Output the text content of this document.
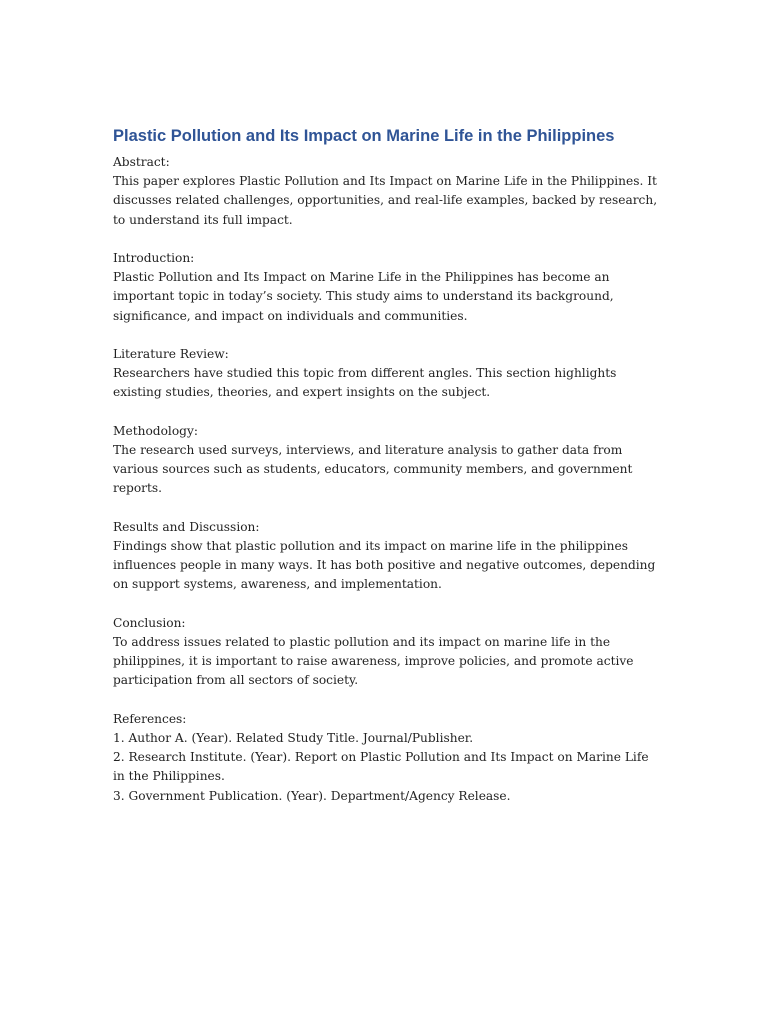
Plastic Pollution and Its Impact on Marine Life in the Philippines
Abstract:

This paper explores Plastic Pollution and Its Impact on Marine Life in the Philippines. It discusses related challenges, opportunities, and real-life examples, backed by research, to understand its full impact.

Introduction:

Plastic Pollution and Its Impact on Marine Life in the Philippines has become an important topic in today’s society. This study aims to understand its background, significance, and impact on individuals and communities.

Literature Review:

Researchers have studied this topic from different angles. This section highlights existing studies, theories, and expert insights on the subject.

Methodology:

The research used surveys, interviews, and literature analysis to gather data from various sources such as students, educators, community members, and government reports.

Results and Discussion:

Findings show that plastic pollution and its impact on marine life in the philippines influences people in many ways. It has both positive and negative outcomes, depending on support systems, awareness, and implementation.

Conclusion:

To address issues related to plastic pollution and its impact on marine life in the philippines, it is important to raise awareness, improve policies, and promote active participation from all sectors of society.

References:
1. Author A. (Year). Related Study Title. Journal/Publisher.
2. Research Institute. (Year). Report on Plastic Pollution and Its Impact on Marine Life in the Philippines.
3. Government Publication. (Year). Department/Agency Release.
